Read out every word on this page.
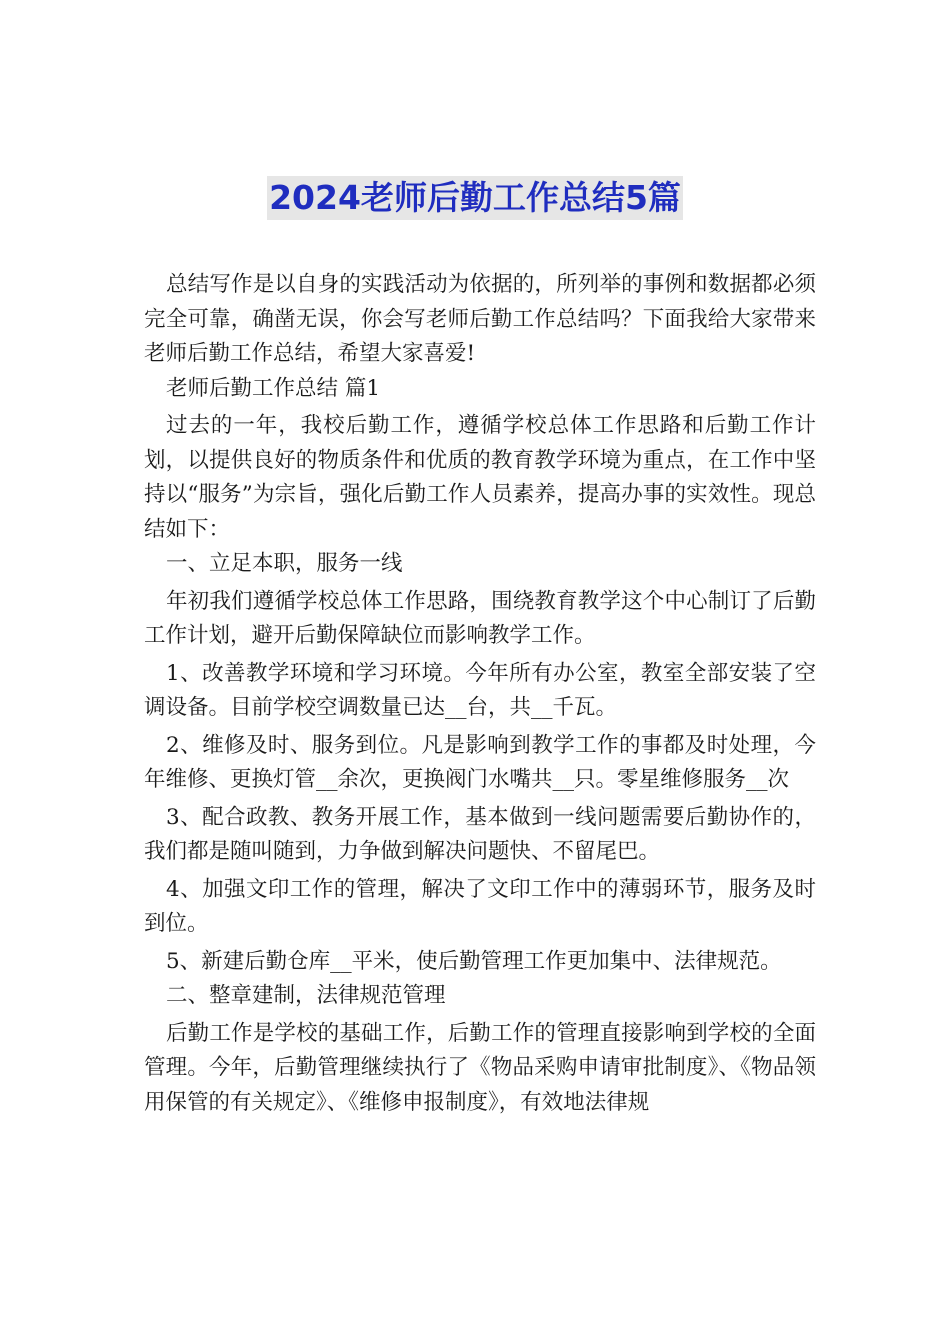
2024老师后勤工作总结5篇

总结写作是以自身的实践活动为依据的，所列举的事例和数据都必须完全可靠，确凿无误，你会写老师后勤工作总结吗？下面我给大家带来老师后勤工作总结，希望大家喜爱!

老师后勤工作总结 篇1

过去的一年，我校后勤工作，遵循学校总体工作思路和后勤工作计划，以提供良好的物质条件和优质的教育教学环境为重点，在工作中坚持以“服务”为宗旨，强化后勤工作人员素养，提高办事的实效性。现总结如下：

一、立足本职，服务一线

年初我们遵循学校总体工作思路，围绕教育教学这个中心制订了后勤工作计划，避开后勤保障缺位而影响教学工作。

1、改善教学环境和学习环境。今年所有办公室，教室全部安装了空调设备。目前学校空调数量已达__台，共__千瓦。

2、维修及时、服务到位。凡是影响到教学工作的事都及时处理，今年维修、更换灯管__余次，更换阀门水嘴共__只。零星维修服务__次

3、配合政教、教务开展工作，基本做到一线问题需要后勤协作的，我们都是随叫随到，力争做到解决问题快、不留尾巴。

4、加强文印工作的管理，解决了文印工作中的薄弱环节，服务及时到位。

5、新建后勤仓库__平米，使后勤管理工作更加集中、法律规范。

二、整章建制，法律规范管理

后勤工作是学校的基础工作，后勤工作的管理直接影响到学校的全面管理。今年，后勤管理继续执行了《物品采购申请审批制度》、《物品领用保管的有关规定》、《维修申报制度》，有效地法律规
